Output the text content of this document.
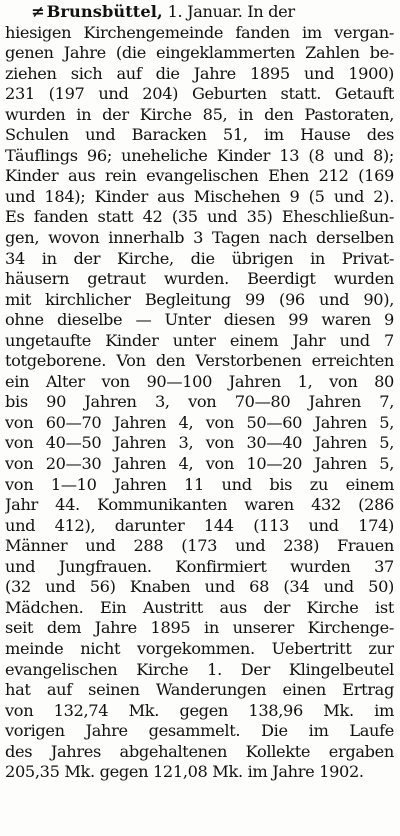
≠ Brunsbüttel, 1. Januar. In der
hiesigen Kirchengemeinde fanden im vergan-
genen Jahre (die eingeklammerten Zahlen be-
ziehen sich auf die Jahre 1895 und 1900)
231 (197 und 204) Geburten statt. Getauft
wurden in der Kirche 85, in den Pastoraten,
Schulen und Baracken 51, im Hause des
Täuflings 96; uneheliche Kinder 13 (8 und 8);
Kinder aus rein evangelischen Ehen 212 (169
und 184); Kinder aus Mischehen 9 (5 und 2).
Es fanden statt 42 (35 und 35) Eheschließun-
gen, wovon innerhalb 3 Tagen nach derselben
34 in der Kirche, die übrigen in Privat-
häusern getraut wurden. Beerdigt wurden
mit kirchlicher Begleitung 99 (96 und 90),
ohne dieselbe — Unter diesen 99 waren 9
ungetaufte Kinder unter einem Jahr und 7
totgeborene. Von den Verstorbenen erreichten
ein Alter von 90—100 Jahren 1, von 80
bis 90 Jahren 3, von 70—80 Jahren 7,
von 60—70 Jahren 4, von 50—60 Jahren 5,
von 40—50 Jahren 3, von 30—40 Jahren 5,
von 20—30 Jahren 4, von 10—20 Jahren 5,
von 1—10 Jahren 11 und bis zu einem
Jahr 44. Kommunikanten waren 432 (286
und 412), darunter 144 (113 und 174)
Männer und 288 (173 und 238) Frauen
und Jungfrauen. Konfirmiert wurden 37
(32 und 56) Knaben und 68 (34 und 50)
Mädchen. Ein Austritt aus der Kirche ist
seit dem Jahre 1895 in unserer Kirchenge-
meinde nicht vorgekommen. Uebertritt zur
evangelischen Kirche 1. Der Klingelbeutel
hat auf seinen Wanderungen einen Ertrag
von 132,74 Mk. gegen 138,96 Mk. im
vorigen Jahre gesammelt. Die im Laufe
des Jahres abgehaltenen Kollekte ergaben
205,35 Mk. gegen 121,08 Mk. im Jahre 1902.
